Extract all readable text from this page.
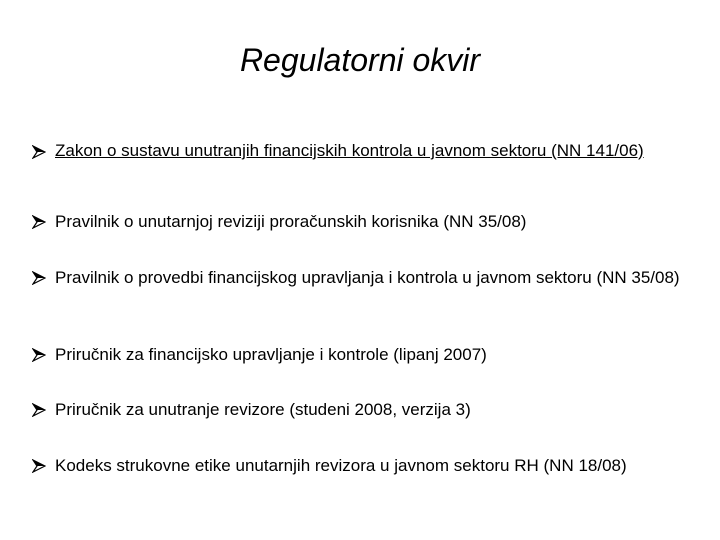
Regulatorni okvir
Zakon o sustavu unutranjih financijskih kontrola u javnom sektoru (NN 141/06)
Pravilnik o unutarnjoj reviziji proračunskih korisnika (NN 35/08)
Pravilnik o provedbi financijskog upravljanja i kontrola u javnom sektoru (NN 35/08)
Priručnik za financijsko upravljanje i kontrole (lipanj 2007)
Priručnik za unutranje revizore (studeni 2008, verzija 3)
Kodeks strukovne etike unutarnjih revizora u javnom sektoru RH (NN 18/08)
